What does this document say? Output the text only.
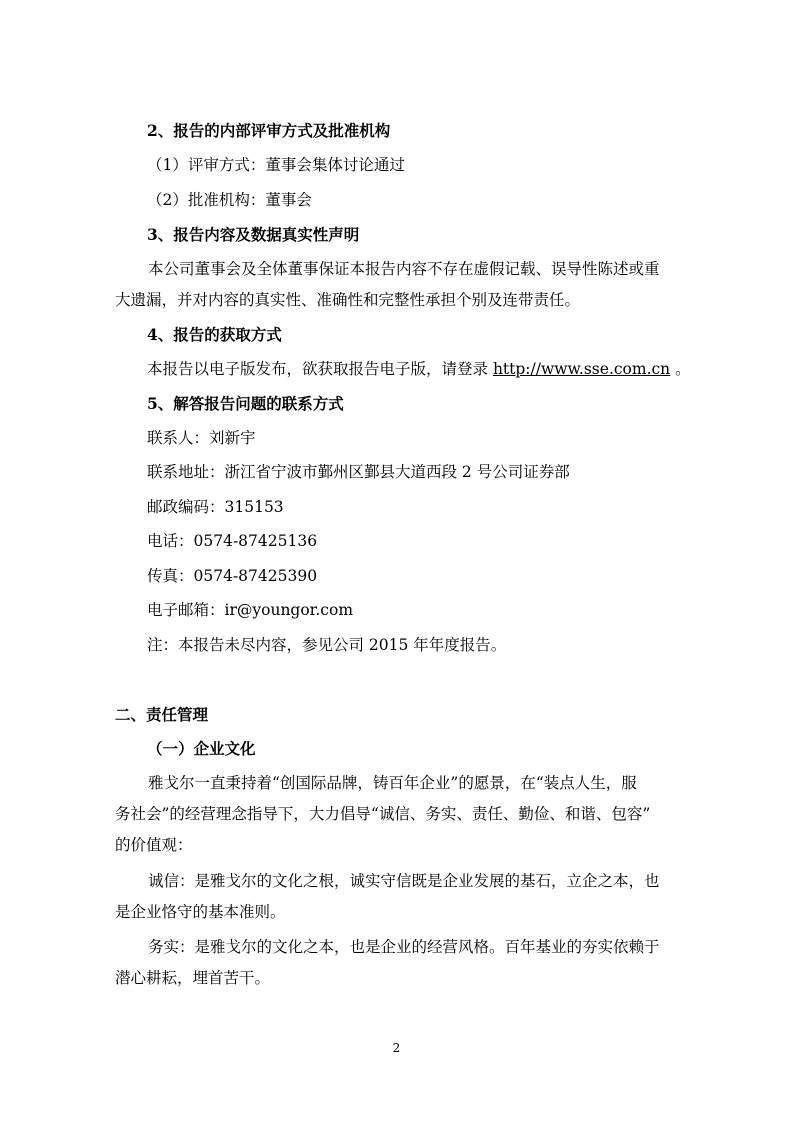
2、报告的内部评审方式及批准机构

（1）评审方式：董事会集体讨论通过

（2）批准机构：董事会

3、报告内容及数据真实性声明

本公司董事会及全体董事保证本报告内容不存在虚假记载、误导性陈述或重

大遗漏，并对内容的真实性、准确性和完整性承担个别及连带责任。

4、报告的获取方式

本报告以电子版发布，欲获取报告电子版，请登录 http://www.sse.com.cn 。

5、解答报告问题的联系方式

联系人：刘新宇

联系地址：浙江省宁波市鄞州区鄞县大道西段 2 号公司证券部

邮政编码：315153

电话：0574-87425136

传真：0574-87425390

电子邮箱：ir@youngor.com

注：本报告未尽内容，参见公司 2015 年年度报告。

二、责任管理

（一）企业文化

雅戈尔一直秉持着“创国际品牌，铸百年企业”的愿景，在“装点人生，服

务社会”的经营理念指导下，大力倡导“诚信、务实、责任、勤俭、和谐、包容”

的价值观：

诚信：是雅戈尔的文化之根，诚实守信既是企业发展的基石，立企之本，也

是企业恪守的基本准则。

务实：是雅戈尔的文化之本，也是企业的经营风格。百年基业的夯实依赖于

潜心耕耘，埋首苦干。

2
